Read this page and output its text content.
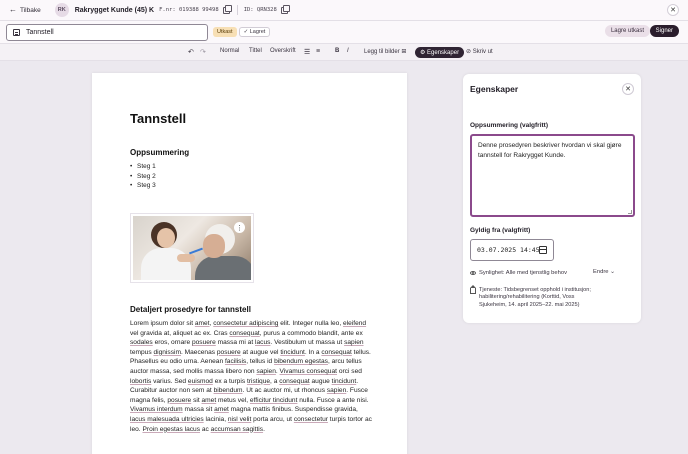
← Tilbake	RK	Rakrygget Kunde (45) K F.nr: 019388 99498	ID: QRN328	✕
Tannstell	Utkast	✓ Lagret	Lagre utkast	Signer
↶ ↷ Normal Tittel Overskrift ☰ ≡ B I	Legg til bilder ⊞	⚙ Egenskaper	⊘ Skriv ut
Tannstell
Oppsummering
• Steg 1
• Steg 2
• Steg 3
⋮
Detaljert prosedyre for tannstell

Lorem ipsum dolor sit amet, consectetur adipiscing elit. Integer nulla leo, eleifend vel gravida at, aliquet ac ex. Cras consequat, purus a commodo blandit, ante ex sodales eros, ornare posuere massa mi at lacus. Vestibulum ut massa ut sapien tempus dignissim. Maecenas posuere at augue vel tincidunt. In a consequat tellus. Phasellus eu odio urna. Aenean facilisis, tellus id bibendum egestas, arcu tellus auctor massa, sed mollis massa libero non sapien. Vivamus consequat orci sed lobortis varius. Sed euismod ex a turpis tristique, a consequat augue tincidunt. Curabitur auctor non sem at bibendum. Ut ac auctor mi, ut rhoncus sapien. Fusce magna felis, posuere sit amet metus vel, efficitur tincidunt nulla. Fusce a ante nisi. Vivamus interdum massa sit amet magna mattis finibus. Suspendisse gravida, lacus malesuada ultricies lacinia, nisl velit porta arcu, ut consectetur turpis tortor ac leo. Proin egestas lacus ac accumsan sagittis.

Egenskaper	✕
Oppsummering (valgfritt)
Denne prosedyren beskriver hvordan vi skal gjøre tannstell for Rakrygget Kunde.
Gyldig fra (valgfritt)
03.07.2025 14:45
Synlighet: Alle med tjenstlig behov	Endre ⌄
Tjeneste: Tidsbegrenset opphold i institusjon; habilitering/rehabilitering (Korttid, Voss Sjukeheim, 14. april 2025–22. mai 2025)
